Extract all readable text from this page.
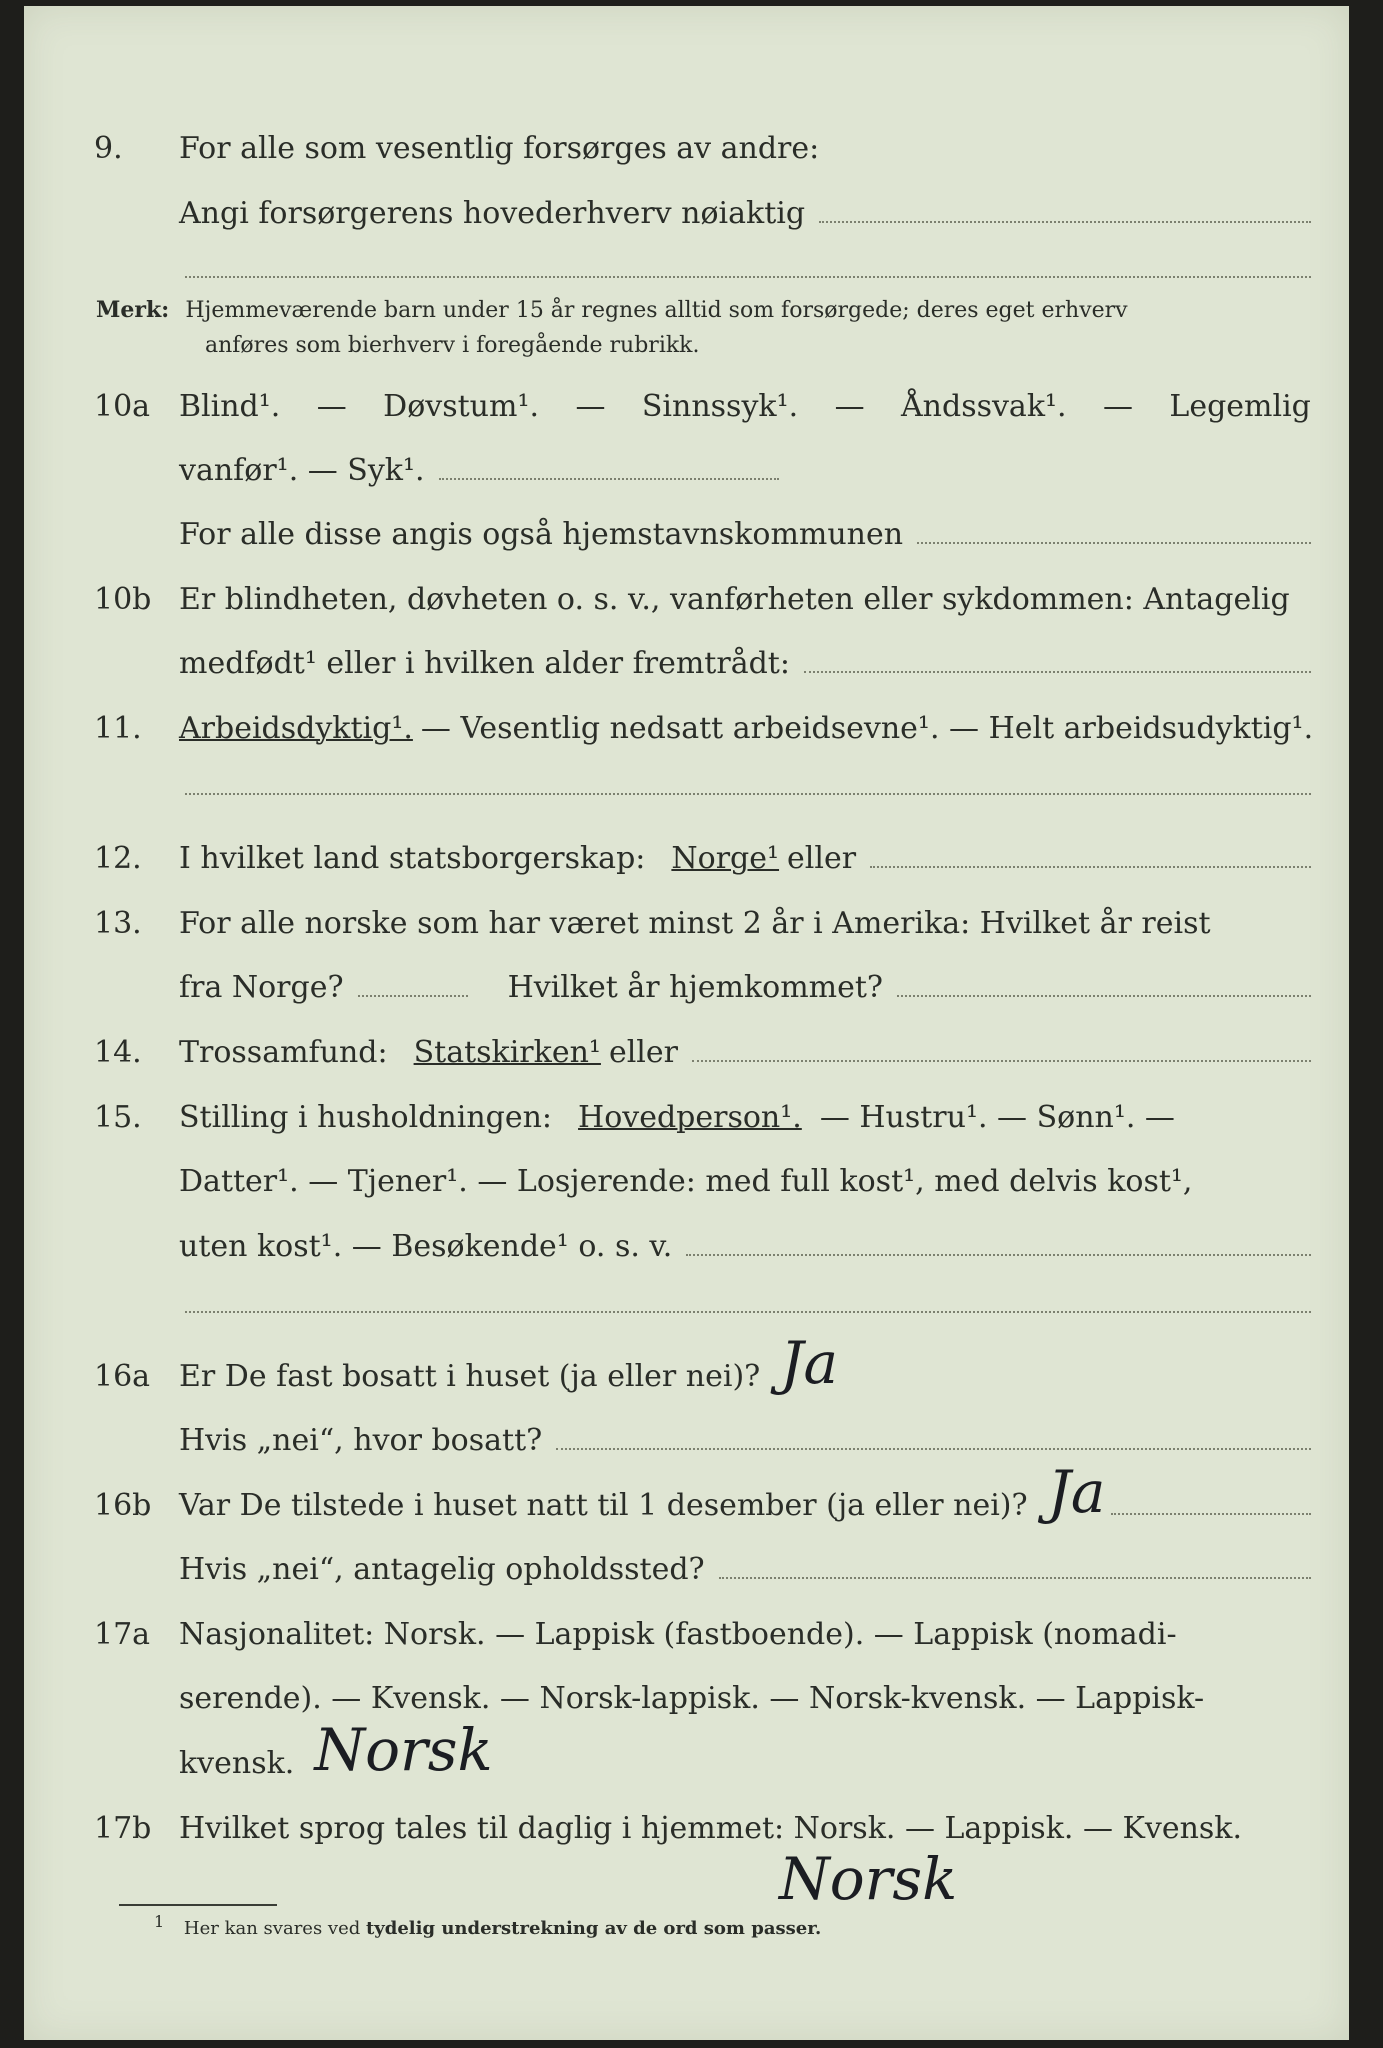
9.	For alle som vesentlig forsørges av andre:
Angi forsørgerens hovederhverv nøiaktig
Merk: Hjemmeværende barn under 15 år regnes alltid som forsørgede; deres eget erhverv
anføres som bierhverv i foregående rubrikk.
10a Blind¹. — Døvstum¹. — Sinnssyk¹. — Åndssvak¹. — Legemlig
vanfør¹. — Syk¹.
For alle disse angis også hjemstavnskommunen
10b Er blindheten, døvheten o. s. v., vanførheten eller sykdommen: Antagelig
medfødt¹ eller i hvilken alder fremtrådt:
11.	Arbeidsdyktig¹. — Vesentlig nedsatt arbeidsevne¹. — Helt arbeidsudyktig¹.
12.	I hvilket land statsborgerskap: Norge¹ eller
13.	For alle norske som har været minst 2 år i Amerika: Hvilket år reist
fra Norge?	Hvilket år hjemkommet?
14.	Trossamfund: Statskirken¹ eller
15.	Stilling i husholdningen: Hovedperson¹. — Hustru¹. — Sønn¹. —
Datter¹. — Tjener¹. — Losjerende: med full kost¹, med delvis kost¹,
uten kost¹. — Besøkende¹ o. s. v.
16a Er De fast bosatt i huset (ja eller nei)? Ja
Hvis „nei“, hvor bosatt?
16b Var De tilstede i huset natt til 1 desember (ja eller nei)? Ja
Hvis „nei“, antagelig opholdssted?
17a Nasjonalitet: Norsk. — Lappisk (fastboende). — Lappisk (nomadi-
serende). — Kvensk. — Norsk-lappisk. — Norsk-kvensk. — Lappisk-
kvensk. Norsk
17b Hvilket sprog tales til daglig i hjemmet: Norsk. — Lappisk. — Kvensk.
Norsk
$^1$ Her kan svares ved tydelig understrekning av de ord som passer.
